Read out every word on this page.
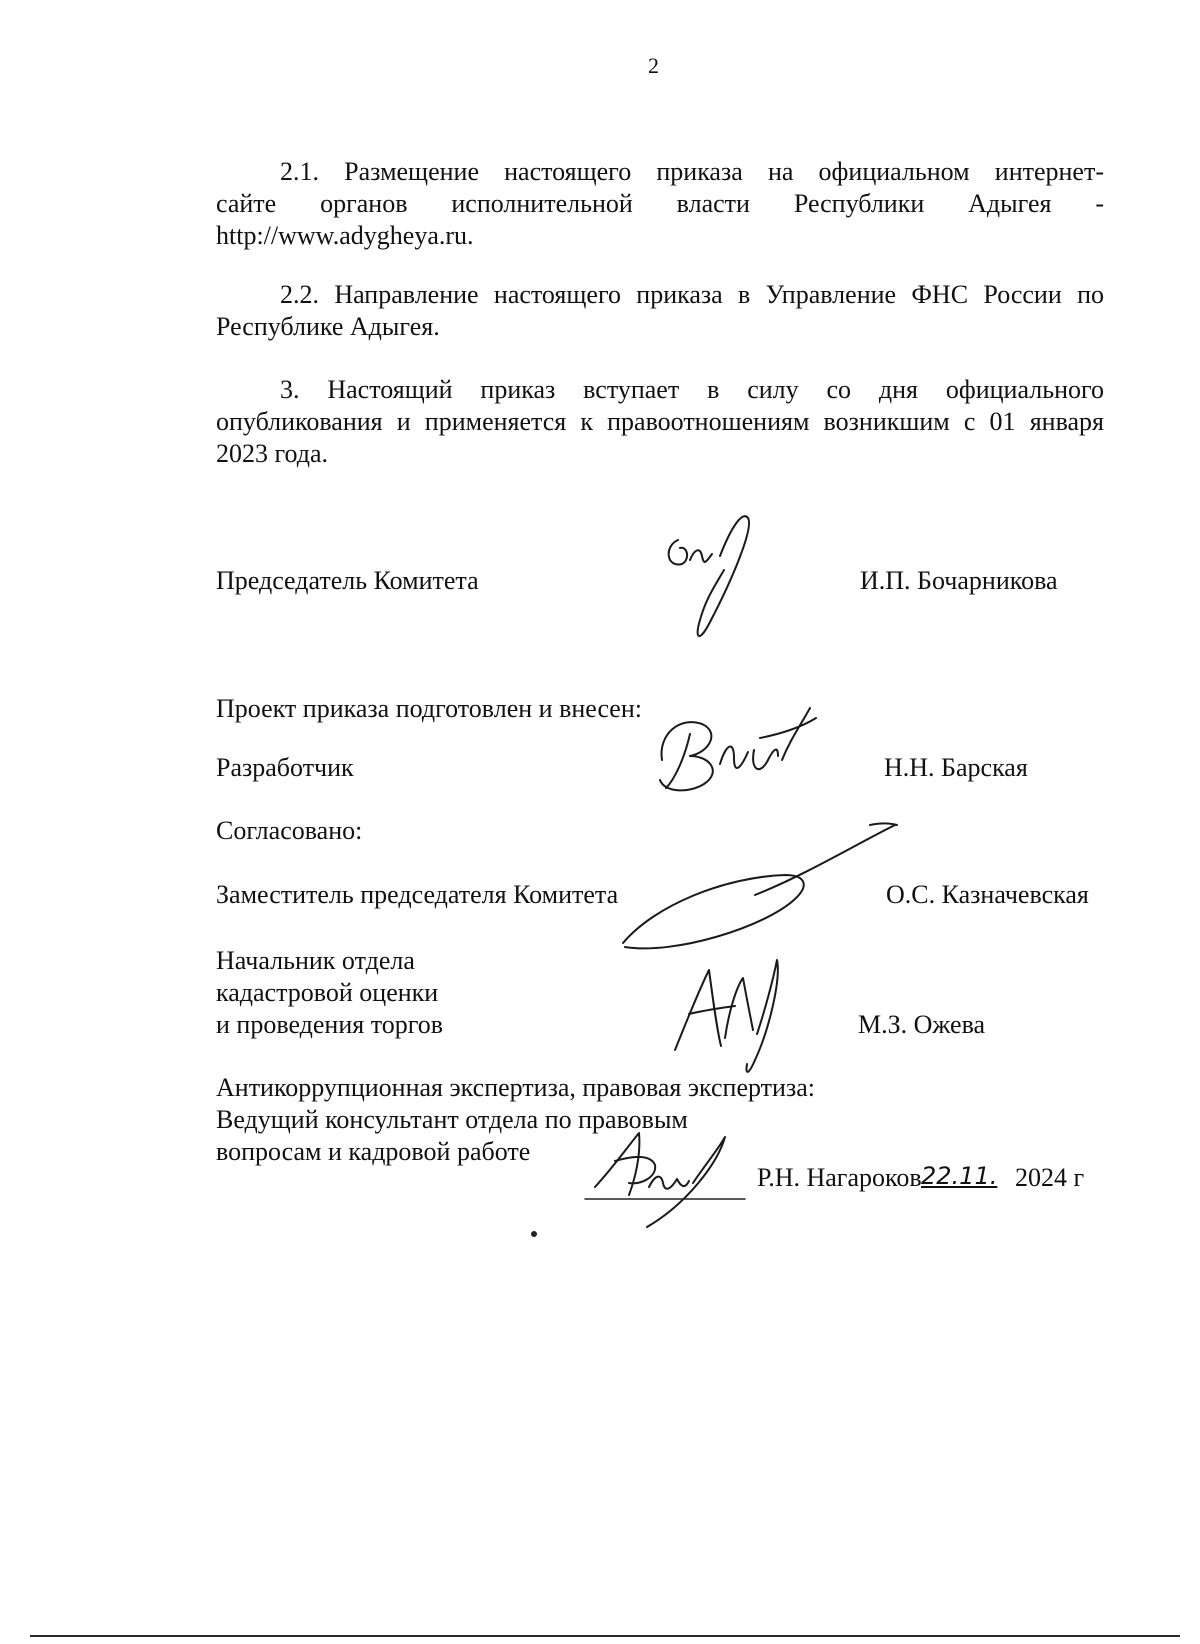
2
2.1. Размещение настоящего приказа на официальном интернет-
сайте органов исполнительной власти Республики Адыгея -
http://www.adygheya.ru.
2.2. Направление настоящего приказа в Управление ФНС России по
Республике Адыгея.
3. Настоящий приказ вступает в силу со дня официального
опубликования и применяется к правоотношениям возникшим с 01 января
2023 года.
Председатель Комитета	И.П. Бочарникова
Проект приказа подготовлен и внесен:
Разработчик	Н.Н. Барская
Согласовано:
Заместитель председателя Комитета	О.С. Казначевская
Начальник отдела
кадастровой оценки
и проведения торгов	М.З. Ожева
Антикоррупционная экспертиза, правовая экспертиза:
Ведущий консультант отдела по правовым
вопросам и кадровой работе
Р.Н. Нагароков 22.11. 2024 г
